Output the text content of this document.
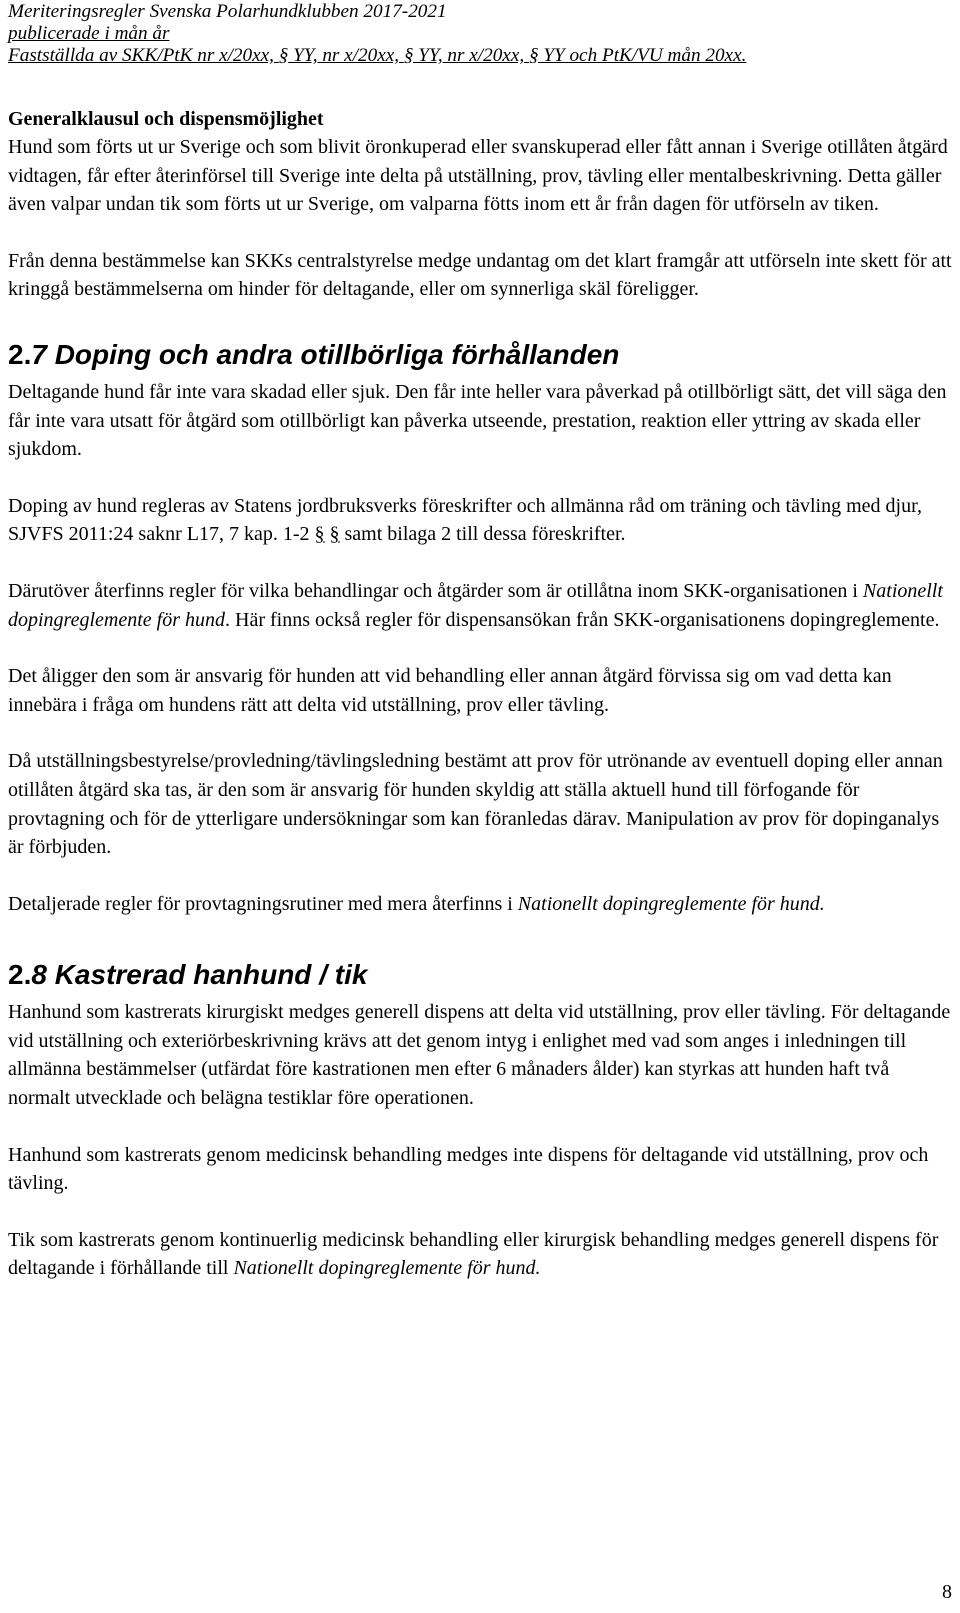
Meriteringsregler Svenska Polarhundklubben 2017-2021
publicerade i mån år
Fastställda av SKK/PtK nr x/20xx, § YY, nr x/20xx, § YY, nr x/20xx, § YY och PtK/VU mån 20xx.
Generalklausul och dispensmöjlighet

Hund som förts ut ur Sverige och som blivit öronkuperad eller svanskuperad eller fått annan i Sverige otillåten åtgärd vidtagen, får efter återinförsel till Sverige inte delta på utställning, prov, tävling eller mentalbeskrivning. Detta gäller även valpar undan tik som förts ut ur Sverige, om valparna fötts inom ett år från dagen för utförseln av tiken.

Från denna bestämmelse kan SKKs centralstyrelse medge undantag om det klart framgår att utförseln inte skett för att kringgå bestämmelserna om hinder för deltagande, eller om synnerliga skäl föreligger.

2.7 Doping och andra otillbörliga förhållanden

Deltagande hund får inte vara skadad eller sjuk. Den får inte heller vara påverkad på otillbörligt sätt, det vill säga den får inte vara utsatt för åtgärd som otillbörligt kan påverka utseende, prestation, reaktion eller yttring av skada eller sjukdom.

Doping av hund regleras av Statens jordbruksverks föreskrifter och allmänna råd om träning och tävling med djur, SJVFS 2011:24 saknr L17, 7 kap. 1-2 § § samt bilaga 2 till dessa föreskrifter.

Därutöver återfinns regler för vilka behandlingar och åtgärder som är otillåtna inom SKK-organisationen i Nationellt dopingreglemente för hund. Här finns också regler för dispensansökan från SKK-organisationens dopingreglemente.

Det åligger den som är ansvarig för hunden att vid behandling eller annan åtgärd förvissa sig om vad detta kan innebära i fråga om hundens rätt att delta vid utställning, prov eller tävling.

Då utställningsbestyrelse/provledning/tävlingsledning bestämt att prov för utrönande av eventuell doping eller annan otillåten åtgärd ska tas, är den som är ansvarig för hunden skyldig att ställa aktuell hund till förfogande för provtagning och för de ytterligare undersökningar som kan föranledas därav. Manipulation av prov för dopinganalys är förbjuden.

Detaljerade regler för provtagningsrutiner med mera återfinns i Nationellt dopingreglemente för hund.

2.8 Kastrerad hanhund / tik

Hanhund som kastrerats kirurgiskt medges generell dispens att delta vid utställning, prov eller tävling. För deltagande vid utställning och exteriörbeskrivning krävs att det genom intyg i enlighet med vad som anges i inledningen till allmänna bestämmelser (utfärdat före kastrationen men efter 6 månaders ålder) kan styrkas att hunden haft två normalt utvecklade och belägna testiklar före operationen.

Hanhund som kastrerats genom medicinsk behandling medges inte dispens för deltagande vid utställning, prov och tävling.

Tik som kastrerats genom kontinuerlig medicinsk behandling eller kirurgisk behandling medges generell dispens för deltagande i förhållande till Nationellt dopingreglemente för hund.

8
